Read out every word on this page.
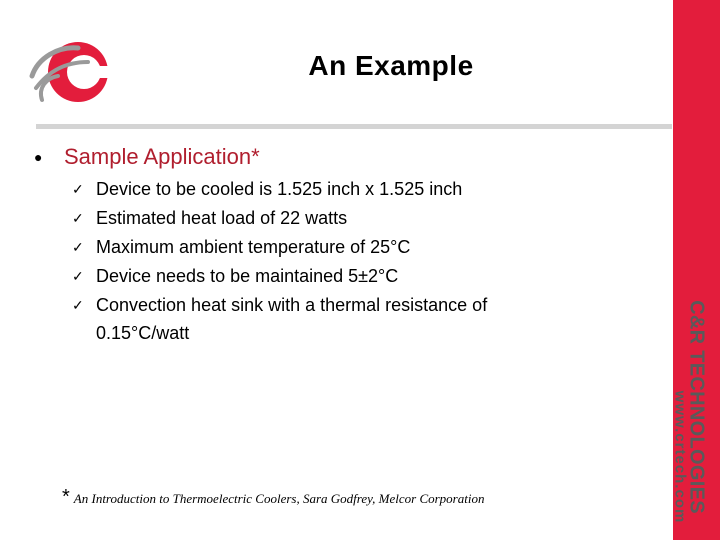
An Example
C&R TECHNOLOGIES
www.crtech.com
● Sample Application*
✓ Device to be cooled is 1.525 inch x 1.525 inch
✓ Estimated heat load of 22 watts
✓ Maximum ambient temperature of 25°C
✓ Device needs to be maintained 5±2°C
✓ Convection heat sink with a thermal resistance of 0.15°C/watt
* An Introduction to Thermoelectric Coolers, Sara Godfrey, Melcor Corporation
